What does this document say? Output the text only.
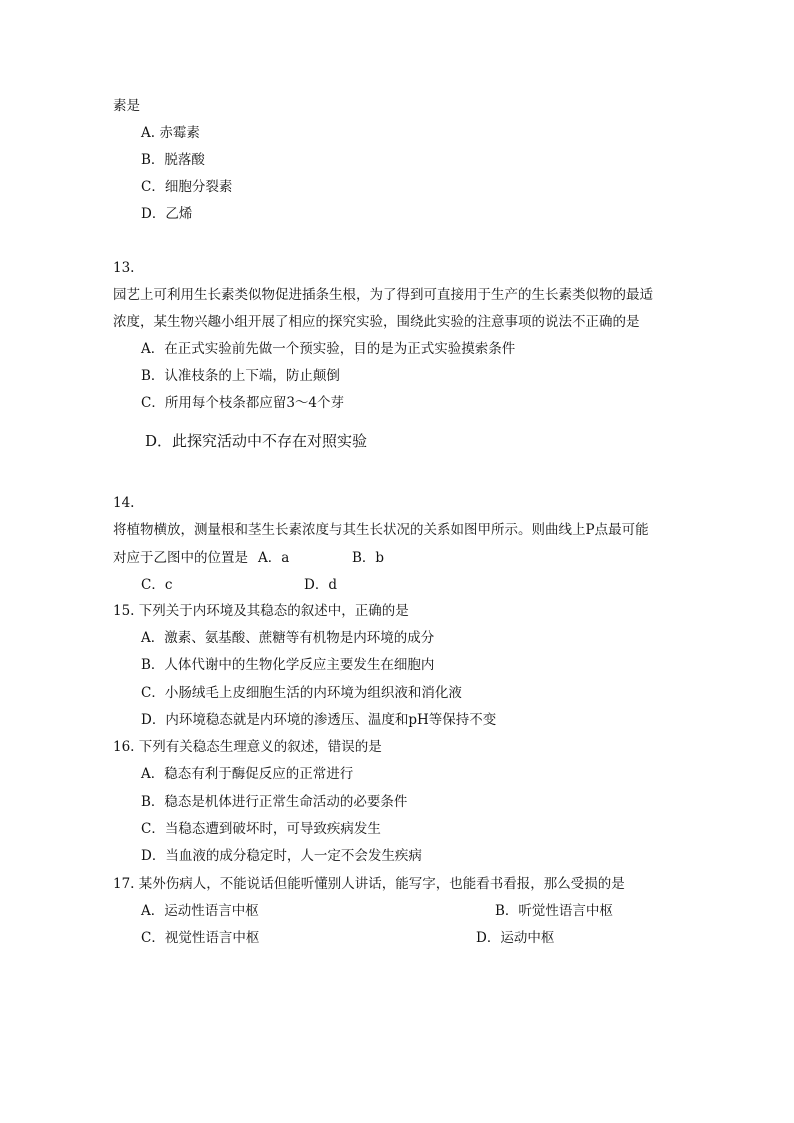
素是
A. 赤霉素
B．脱落酸
C．细胞分裂素
D．乙烯
13.
园艺上可利用生长素类似物促进插条生根，为了得到可直接用于生产的生长素类似物的最适
浓度，某生物兴趣小组开展了相应的探究实验，围绕此实验的注意事项的说法不正确的是
A．在正式实验前先做一个预实验，目的是为正式实验摸索条件
B．认准枝条的上下端，防止颠倒
C．所用每个枝条都应留3～4个芽
D．此探究活动中不存在对照实验
14.
将植物横放，测量根和茎生长素浓度与其生长状况的关系如图甲所示。则曲线上P点最可能
对应于乙图中的位置是 A．a	B．b
C．c	D．d
15. 下列关于内环境及其稳态的叙述中，正确的是
A．激素、氨基酸、蔗糖等有机物是内环境的成分
B．人体代谢中的生物化学反应主要发生在细胞内
C．小肠绒毛上皮细胞生活的内环境为组织液和消化液
D．内环境稳态就是内环境的渗透压、温度和pH等保持不变
16. 下列有关稳态生理意义的叙述，错误的是
A．稳态有利于酶促反应的正常进行
B．稳态是机体进行正常生命活动的必要条件
C．当稳态遭到破坏时，可导致疾病发生
D．当血液的成分稳定时，人一定不会发生疾病
17. 某外伤病人，不能说话但能听懂别人讲话，能写字，也能看书看报，那么受损的是
A．运动性语言中枢	B．听觉性语言中枢
C．视觉性语言中枢	D．运动中枢
